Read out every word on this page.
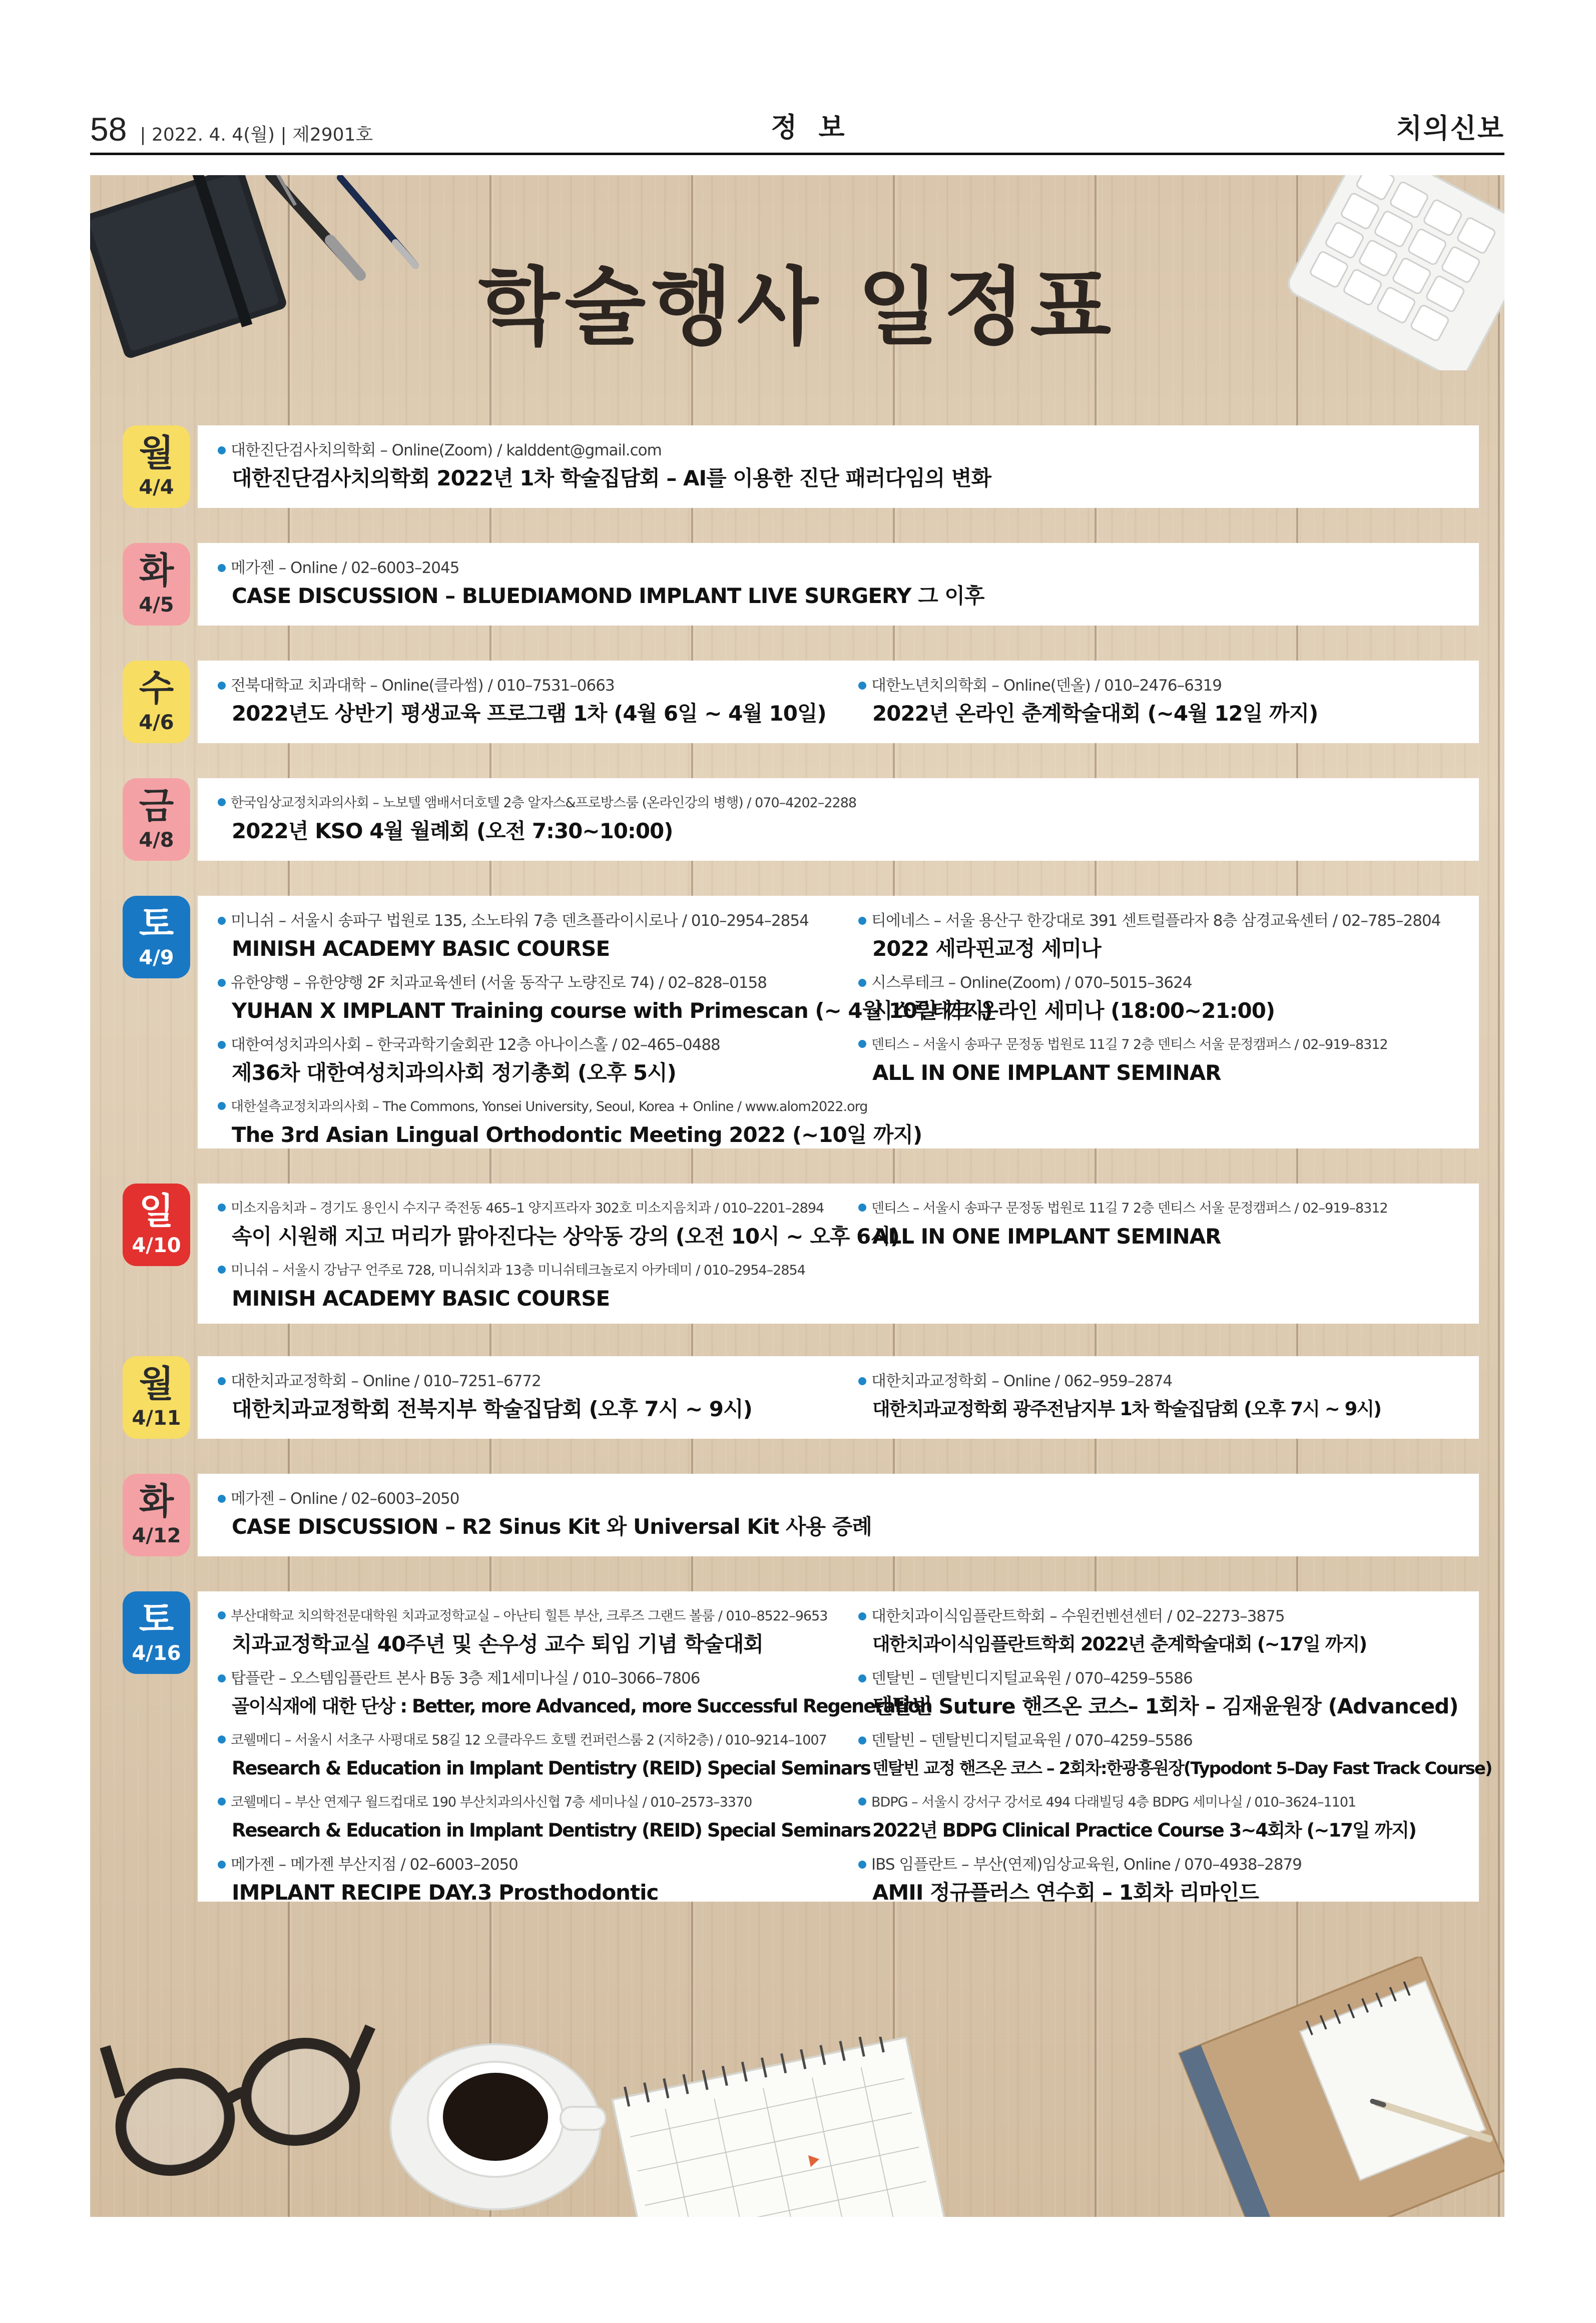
58 | 2022. 4. 4(월) | 제2901호	정 보	치의신보
학술행사 일정표
대한진단검사치의학회 – Online(Zoom) / kalddent@gmail.com
대한진단검사치의학회 2022년 1차 학술집담회 – AI를 이용한 진단 패러다임의 변화
월
4/4
메가젠 – Online / 02–6003–2045
CASE DISCUSSION – BLUEDIAMOND IMPLANT LIVE SURGERY 그 이후
화
4/5
전북대학교 치과대학 – Online(클라썸) / 010–7531–0663
2022년도 상반기 평생교육 프로그램 1차 (4월 6일 ~ 4월 10일)
대한노년치의학회 – Online(덴올) / 010–2476–6319
2022년 온라인 춘계학술대회 (~4월 12일 까지)
수
4/6
한국임상교정치과의사회 – 노보텔 앰배서더호텔 2층 알자스&프로방스룸 (온라인강의 병행) / 070–4202–2288
2022년 KSO 4월 월례회 (오전 7:30~10:00)
금
4/8
미니쉬 – 서울시 송파구 법원로 135, 소노타워 7층 덴츠플라이시로나 / 010–2954–2854
MINISH ACADEMY BASIC COURSE
유한양행 – 유한양행 2F 치과교육센터 (서울 동작구 노량진로 74) / 02–828–0158
YUHAN X IMPLANT Training course with Primescan (~ 4월 10일 까지)
대한여성치과의사회 – 한국과학기술회관 12층 아나이스홀 / 02–465–0488
제36차 대한여성치과의사회 정기총회 (오후 5시)
대한설측교정치과의사회 – The Commons, Yonsei University, Seoul, Korea + Online / www.alom2022.org
The 3rd Asian Lingual Orthodontic Meeting 2022 (~10일 까지)
티에네스 – 서울 용산구 한강대로 391 센트럴플라자 8층 삼경교육센터 / 02–785–2804
2022 세라핀교정 세미나
시스루테크 – Online(Zoom) / 070–5015–3624
시스루테크 온라인 세미나 (18:00~21:00)
덴티스 – 서울시 송파구 문정동 법원로 11길 7 2층 덴티스 서울 문정캠퍼스 / 02–919–8312
ALL IN ONE IMPLANT SEMINAR
토
4/9
미소지음치과 – 경기도 용인시 수지구 죽전동 465–1 양지프라자 302호 미소지음치과 / 010–2201–2894
속이 시원해 지고 머리가 맑아진다는 상악동 강의 (오전 10시 ~ 오후 6시)
미니쉬 – 서울시 강남구 언주로 728, 미니쉬치과 13층 미니쉬테크놀로지 아카데미 / 010–2954–2854
MINISH ACADEMY BASIC COURSE
덴티스 – 서울시 송파구 문정동 법원로 11길 7 2층 덴티스 서울 문정캠퍼스 / 02–919–8312
ALL IN ONE IMPLANT SEMINAR
일
4/10
대한치과교정학회 – Online / 010–7251–6772
대한치과교정학회 전북지부 학술집담회 (오후 7시 ~ 9시)
대한치과교정학회 – Online / 062–959–2874
대한치과교정학회 광주전남지부 1차 학술집담회 (오후 7시 ~ 9시)
월
4/11
메가젠 – Online / 02–6003–2050
CASE DISCUSSION – R2 Sinus Kit 와 Universal Kit 사용 증례
화
4/12
부산대학교 치의학전문대학원 치과교정학교실 – 아난티 힐튼 부산, 크루즈 그랜드 볼룸 / 010–8522–9653
치과교정학교실 40주년 및 손우성 교수 퇴임 기념 학술대회
탑플란 – 오스템임플란트 본사 B동 3층 제1세미나실 / 010–3066–7806
골이식재에 대한 단상 : Better, more Advanced, more Successful Regeneration
코웰메디 – 서울시 서초구 사평대로 58길 12 오클라우드 호텔 컨퍼런스룸 2 (지하2층) / 010–9214–1007
Research & Education in Implant Dentistry (REID) Special Seminars
코웰메디 – 부산 연제구 월드컵대로 190 부산치과의사신협 7층 세미나실 / 010–2573–3370
Research & Education in Implant Dentistry (REID) Special Seminars
메가젠 – 메가젠 부산지점 / 02–6003–2050
IMPLANT RECIPE DAY.3 Prosthodontic
대한치과이식임플란트학회 – 수원컨벤션센터 / 02–2273–3875
대한치과이식임플란트학회 2022년 춘계학술대회 (~17일 까지)
덴탈빈 – 덴탈빈디지털교육원 / 070–4259–5586
덴탈빈 Suture 핸즈온 코스– 1회차 – 김재윤원장 (Advanced)
덴탈빈 – 덴탈빈디지털교육원 / 070–4259–5586
덴탈빈 교정 핸즈온 코스 – 2회차:한광흥원장(Typodont 5–Day Fast Track Course)
BDPG – 서울시 강서구 강서로 494 다래빌딩 4층 BDPG 세미나실 / 010–3624–1101
2022년 BDPG Clinical Practice Course 3~4회차 (~17일 까지)
IBS 임플란트 – 부산(연제)임상교육원, Online / 070–4938–2879
AMII 정규플러스 연수회 – 1회차 리마인드
토
4/16
